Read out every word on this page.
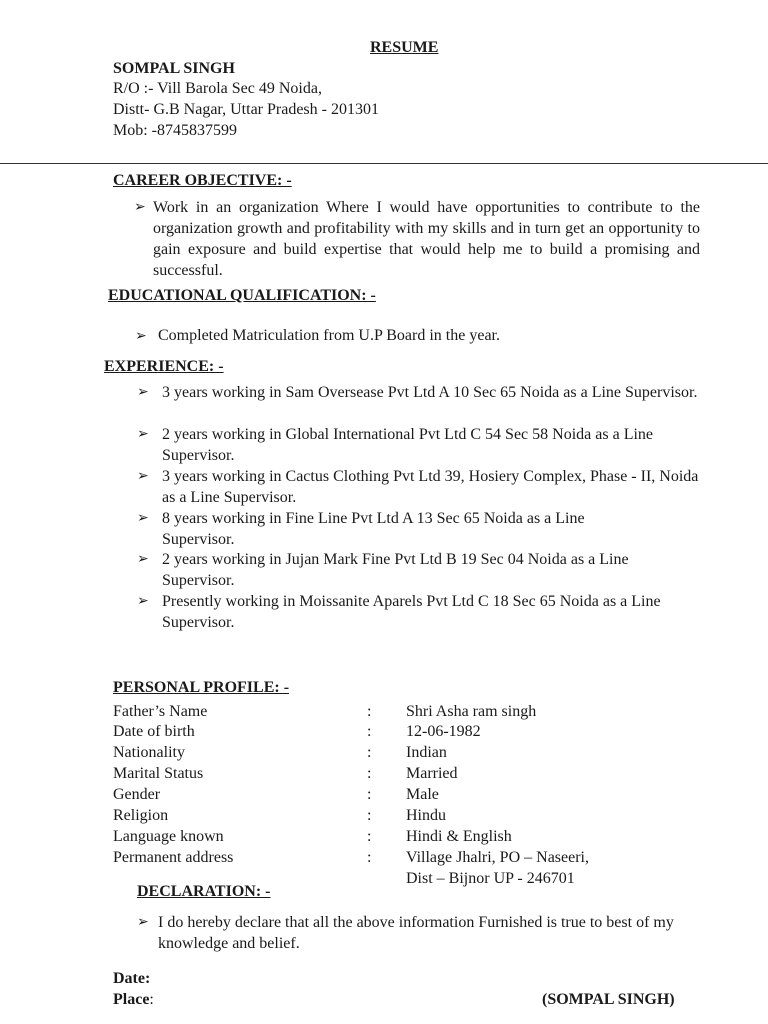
RESUME
SOMPAL SINGH
R/O :- Vill Barola Sec 49 Noida,
Distt- G.B Nagar, Uttar Pradesh - 201301
Mob: -8745837599
CAREER OBJECTIVE: -
➢ Work in an organization Where I would have opportunities to contribute to the organization growth and profitability with my skills and in turn get an opportunity to gain exposure and build expertise that would help me to build a promising and successful.
EDUCATIONAL QUALIFICATION: -
➢ Completed Matriculation from U.P Board in the year.
EXPERIENCE: -
➢ 3 years working in Sam Oversease Pvt Ltd A 10 Sec 65 Noida as a Line Supervisor.
➢ 2 years working in Global International Pvt Ltd C 54 Sec 58 Noida as a Line Supervisor.
➢ 3 years working in Cactus Clothing Pvt Ltd 39, Hosiery Complex, Phase - II, Noida as a Line Supervisor.
➢ 8 years working in Fine Line Pvt Ltd A 13 Sec 65 Noida as a Line Supervisor.
➢ 2 years working in Jujan Mark Fine Pvt Ltd B 19 Sec 04 Noida as a Line Supervisor.
➢ Presently working in Moissanite Aparels Pvt Ltd C 18 Sec 65 Noida as a Line Supervisor.
PERSONAL PROFILE: -
Father’s Name	: Shri Asha ram singh
Date of birth	: 12-06-1982
Nationality	: Indian
Marital Status	: Married
Gender	: Male
Religion	: Hindu
Language known	: Hindi & English
Permanent address	: Village Jhalri, PO – Naseeri,
Dist – Bijnor UP - 246701
DECLARATION: -
➢ I do hereby declare that all the above information Furnished is true to best of my knowledge and belief.
Date:
Place:	(SOMPAL SINGH)
